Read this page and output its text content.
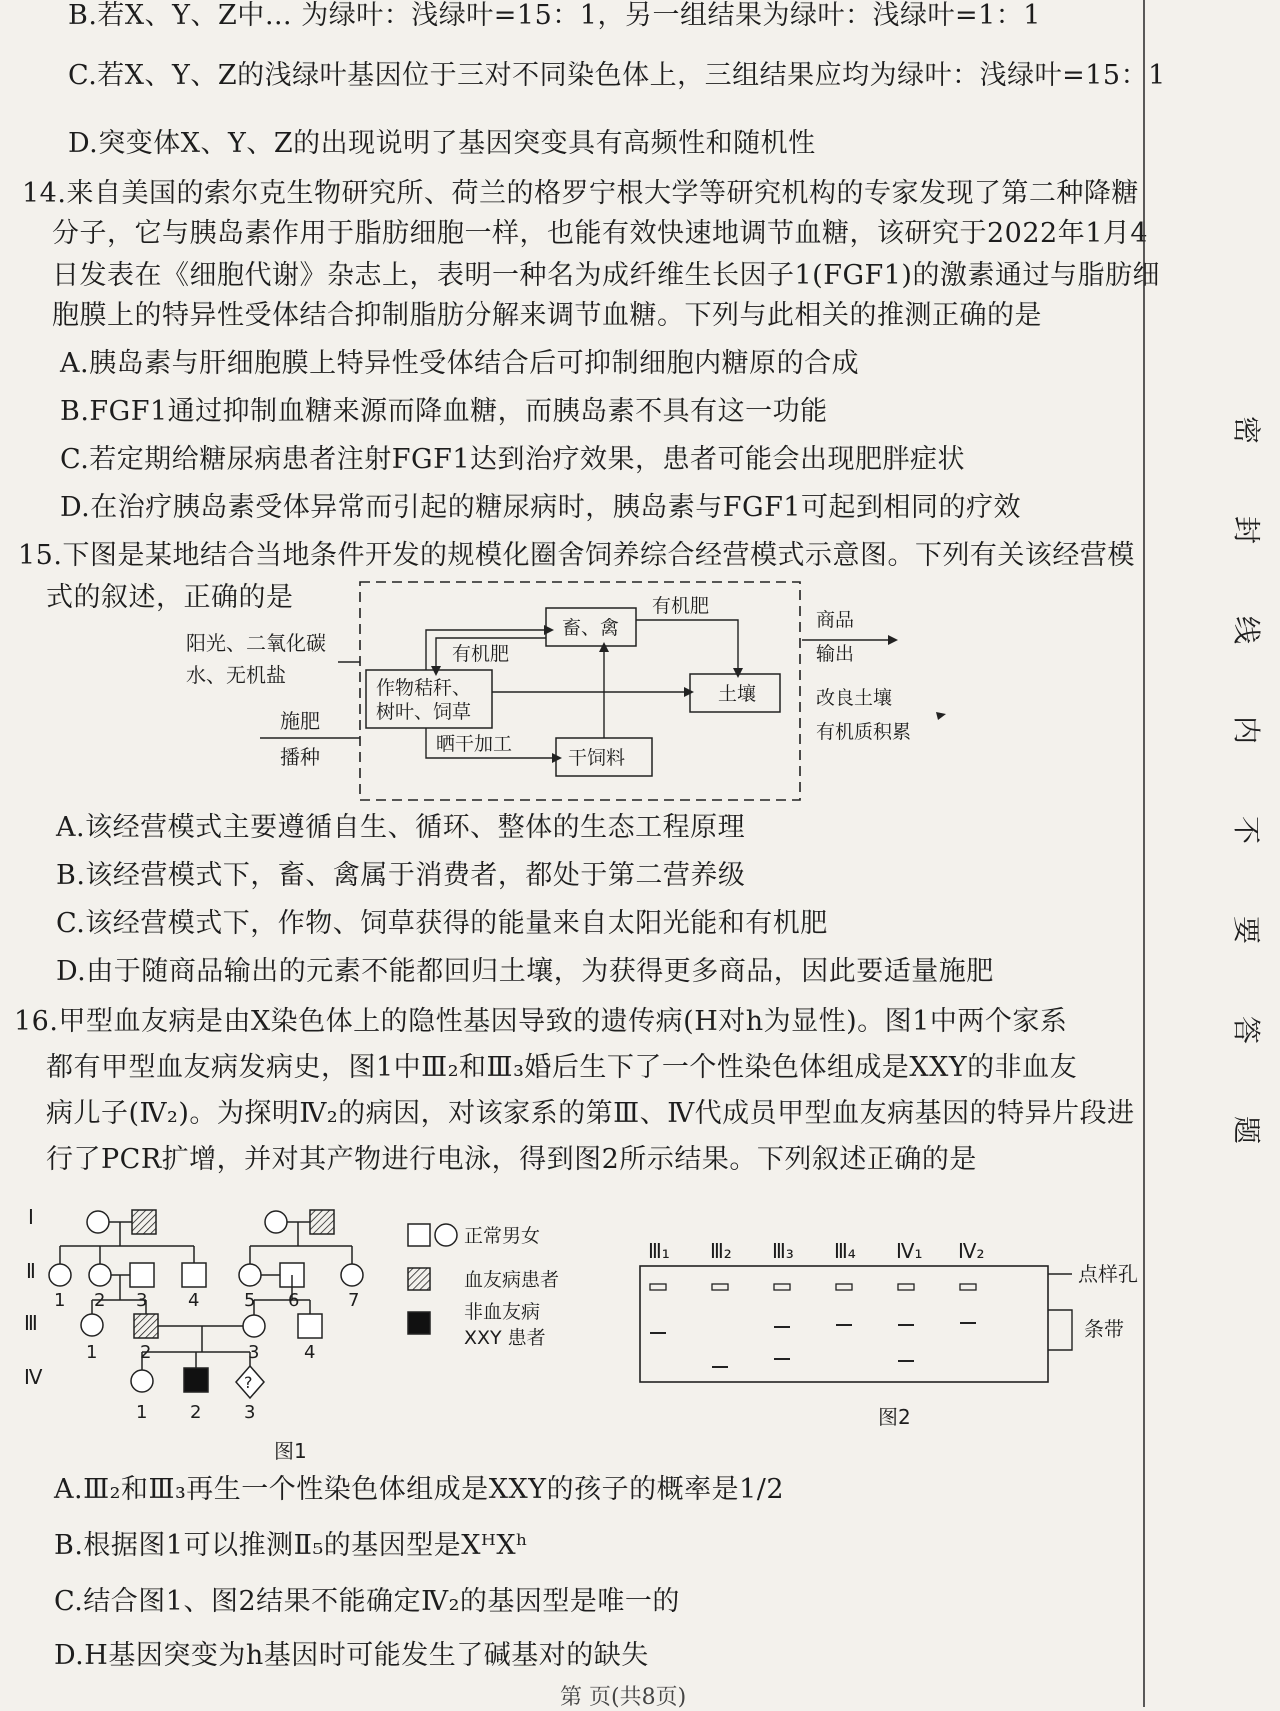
B.若X、Y、Z中… 为绿叶：浅绿叶=15：1，另一组结果为绿叶：浅绿叶=1：1
C.若X、Y、Z的浅绿叶基因位于三对不同染色体上，三组结果应均为绿叶：浅绿叶=15：1
D.突变体X、Y、Z的出现说明了基因突变具有高频性和随机性
14.来自美国的索尔克生物研究所、荷兰的格罗宁根大学等研究机构的专家发现了第二种降糖
分子，它与胰岛素作用于脂肪细胞一样，也能有效快速地调节血糖，该研究于2022年1月4
日发表在《细胞代谢》杂志上，表明一种名为成纤维生长因子1(FGF1)的激素通过与脂肪细
胞膜上的特异性受体结合抑制脂肪分解来调节血糖。下列与此相关的推测正确的是
A.胰岛素与肝细胞膜上特异性受体结合后可抑制细胞内糖原的合成
B.FGF1通过抑制血糖来源而降血糖，而胰岛素不具有这一功能
C.若定期给糖尿病患者注射FGF1达到治疗效果，患者可能会出现肥胖症状
D.在治疗胰岛素受体异常而引起的糖尿病时，胰岛素与FGF1可起到相同的疗效
15.下图是某地结合当地条件开发的规模化圈舍饲养综合经营模式示意图。下列有关该经营模
式的叙述，正确的是
阳光、二氧化碳
水、无机盐
施肥
播种
作物秸秆、
树叶、饲草
畜、禽
土壤
干饲料
有机肥
有机肥
晒干加工
商品
输出
改良土壤
有机质积累
A.该经营模式主要遵循自生、循环、整体的生态工程原理
B.该经营模式下，畜、禽属于消费者，都处于第二营养级
C.该经营模式下，作物、饲草获得的能量来自太阳光能和有机肥
D.由于随商品输出的元素不能都回归土壤，为获得更多商品，因此要适量施肥
16.甲型血友病是由X染色体上的隐性基因导致的遗传病(H对h为显性)。图1中两个家系
都有甲型血友病发病史，图1中Ⅲ₂和Ⅲ₃婚后生下了一个性染色体组成是XXY的非血友
病儿子(Ⅳ₂)。为探明Ⅳ₂的病因，对该家系的第Ⅲ、Ⅳ代成员甲型血友病基因的特异片段进
行了PCR扩增，并对其产物进行电泳，得到图2所示结果。下列叙述正确的是
Ⅰ
Ⅱ
Ⅲ
Ⅳ	?
1 2 3 4 5 6	7
1 2	3 4
1 2 3
图1
正常男女
血友病患者
非血友病
XXY 患者
Ⅲ₁ Ⅲ₂ Ⅲ₃ Ⅲ₄ Ⅳ₁ Ⅳ₂
点样孔
条带
图2
A.Ⅲ₂和Ⅲ₃再生一个性染色体组成是XXY的孩子的概率是1/2
B.根据图1可以推测Ⅱ₅的基因型是XᴴXʰ
C.结合图1、图2结果不能确定Ⅳ₂的基因型是唯一的
D.H基因突变为h基因时可能发生了碱基对的缺失
密
封
线
内
不
要
答
题
第 页(共8页)
